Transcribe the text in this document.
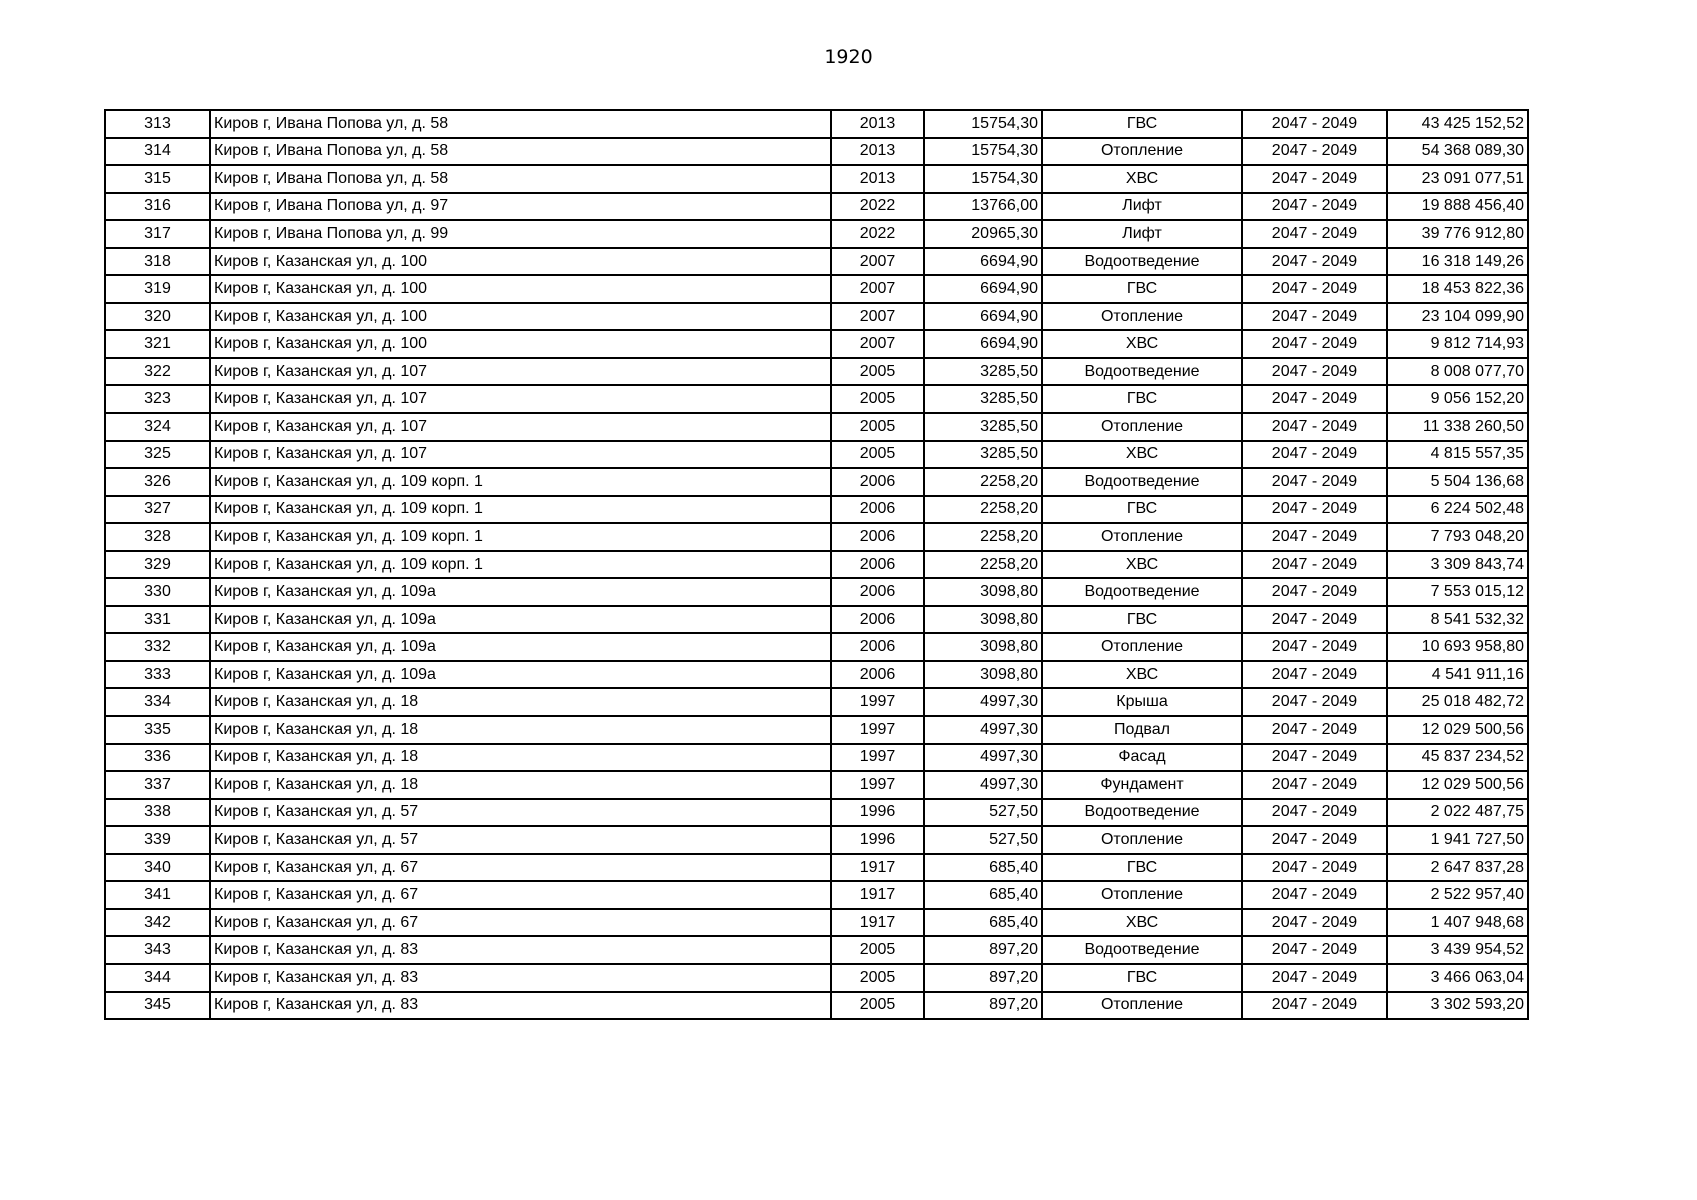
1920
313	Киров г, Ивана Попова ул, д. 58	2013	15754,30	ГВС	2047 - 2049	43 425 152,52
314	Киров г, Ивана Попова ул, д. 58	2013	15754,30	Отопление	2047 - 2049	54 368 089,30
315	Киров г, Ивана Попова ул, д. 58	2013	15754,30	ХВС	2047 - 2049	23 091 077,51
316	Киров г, Ивана Попова ул, д. 97	2022	13766,00	Лифт	2047 - 2049	19 888 456,40
317	Киров г, Ивана Попова ул, д. 99	2022	20965,30	Лифт	2047 - 2049	39 776 912,80
318	Киров г, Казанская ул, д. 100	2007	6694,90	Водоотведение	2047 - 2049	16 318 149,26
319	Киров г, Казанская ул, д. 100	2007	6694,90	ГВС	2047 - 2049	18 453 822,36
320	Киров г, Казанская ул, д. 100	2007	6694,90	Отопление	2047 - 2049	23 104 099,90
321	Киров г, Казанская ул, д. 100	2007	6694,90	ХВС	2047 - 2049	9 812 714,93
322	Киров г, Казанская ул, д. 107	2005	3285,50	Водоотведение	2047 - 2049	8 008 077,70
323	Киров г, Казанская ул, д. 107	2005	3285,50	ГВС	2047 - 2049	9 056 152,20
324	Киров г, Казанская ул, д. 107	2005	3285,50	Отопление	2047 - 2049	11 338 260,50
325	Киров г, Казанская ул, д. 107	2005	3285,50	ХВС	2047 - 2049	4 815 557,35
326	Киров г, Казанская ул, д. 109 корп. 1	2006	2258,20	Водоотведение	2047 - 2049	5 504 136,68
327	Киров г, Казанская ул, д. 109 корп. 1	2006	2258,20	ГВС	2047 - 2049	6 224 502,48
328	Киров г, Казанская ул, д. 109 корп. 1	2006	2258,20	Отопление	2047 - 2049	7 793 048,20
329	Киров г, Казанская ул, д. 109 корп. 1	2006	2258,20	ХВС	2047 - 2049	3 309 843,74
330	Киров г, Казанская ул, д. 109а	2006	3098,80	Водоотведение	2047 - 2049	7 553 015,12
331	Киров г, Казанская ул, д. 109а	2006	3098,80	ГВС	2047 - 2049	8 541 532,32
332	Киров г, Казанская ул, д. 109а	2006	3098,80	Отопление	2047 - 2049	10 693 958,80
333	Киров г, Казанская ул, д. 109а	2006	3098,80	ХВС	2047 - 2049	4 541 911,16
334	Киров г, Казанская ул, д. 18	1997	4997,30	Крыша	2047 - 2049	25 018 482,72
335	Киров г, Казанская ул, д. 18	1997	4997,30	Подвал	2047 - 2049	12 029 500,56
336	Киров г, Казанская ул, д. 18	1997	4997,30	Фасад	2047 - 2049	45 837 234,52
337	Киров г, Казанская ул, д. 18	1997	4997,30	Фундамент	2047 - 2049	12 029 500,56
338	Киров г, Казанская ул, д. 57	1996	527,50	Водоотведение	2047 - 2049	2 022 487,75
339	Киров г, Казанская ул, д. 57	1996	527,50	Отопление	2047 - 2049	1 941 727,50
340	Киров г, Казанская ул, д. 67	1917	685,40	ГВС	2047 - 2049	2 647 837,28
341	Киров г, Казанская ул, д. 67	1917	685,40	Отопление	2047 - 2049	2 522 957,40
342	Киров г, Казанская ул, д. 67	1917	685,40	ХВС	2047 - 2049	1 407 948,68
343	Киров г, Казанская ул, д. 83	2005	897,20	Водоотведение	2047 - 2049	3 439 954,52
344	Киров г, Казанская ул, д. 83	2005	897,20	ГВС	2047 - 2049	3 466 063,04
345	Киров г, Казанская ул, д. 83	2005	897,20	Отопление	2047 - 2049	3 302 593,20
